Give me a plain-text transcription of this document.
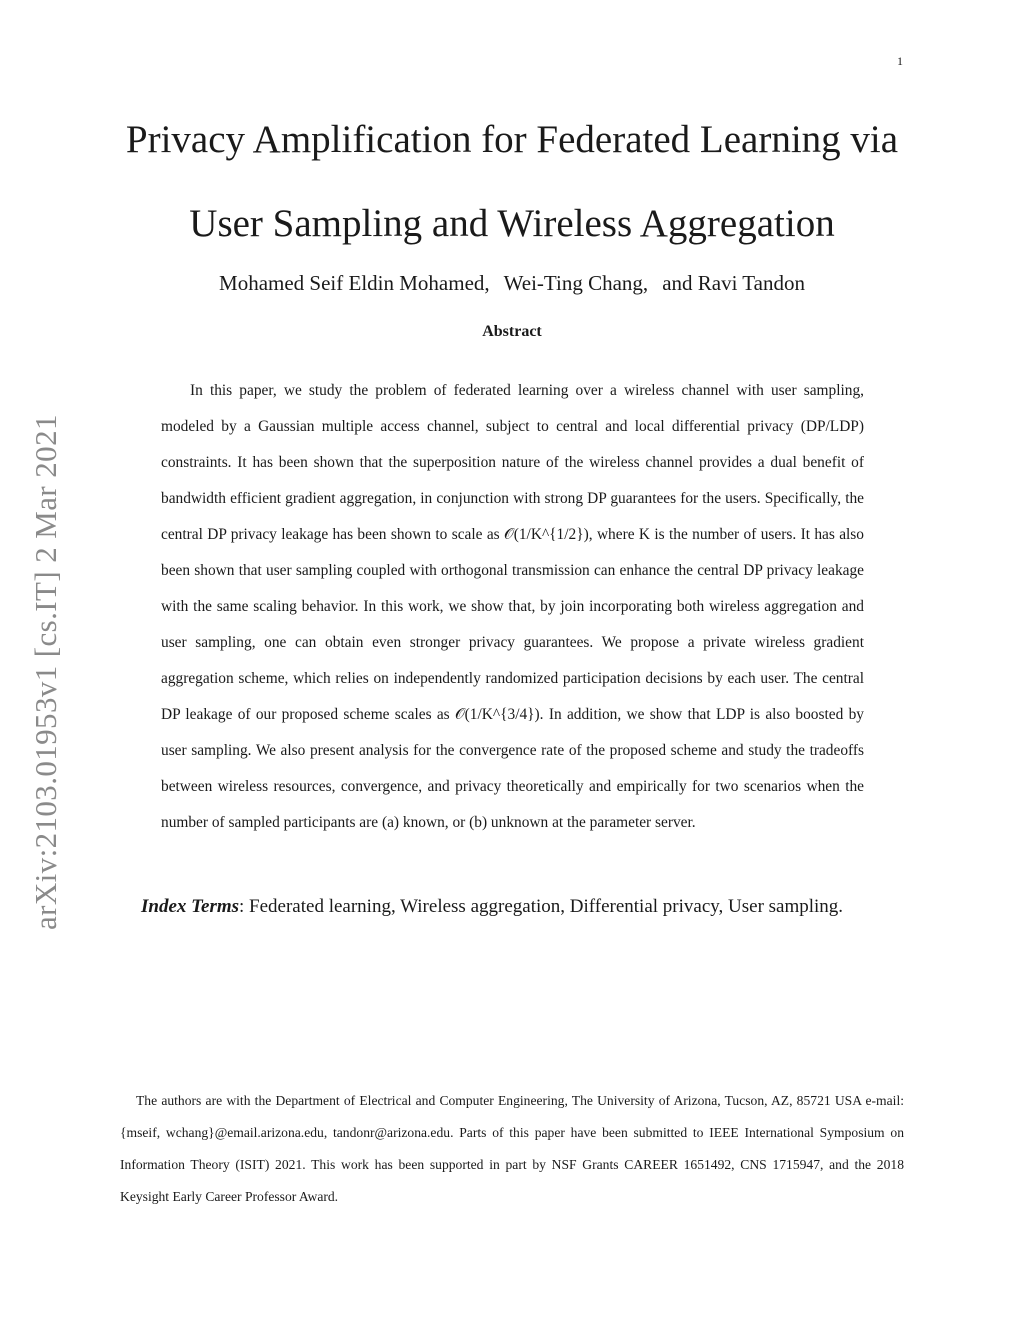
1
arXiv:2103.01953v1 [cs.IT] 2 Mar 2021
Privacy Amplification for Federated Learning via User Sampling and Wireless Aggregation
Mohamed Seif Eldin Mohamed, Wei-Ting Chang, and Ravi Tandon
Abstract

In this paper, we study the problem of federated learning over a wireless channel with user sampling, modeled by a Gaussian multiple access channel, subject to central and local differential privacy (DP/LDP) constraints. It has been shown that the superposition nature of the wireless channel provides a dual benefit of bandwidth efficient gradient aggregation, in conjunction with strong DP guarantees for the users. Specifically, the central DP privacy leakage has been shown to scale as 𝒪(1/K^{1/2}), where K is the number of users. It has also been shown that user sampling coupled with orthogonal transmission can enhance the central DP privacy leakage with the same scaling behavior. In this work, we show that, by join incorporating both wireless aggregation and user sampling, one can obtain even stronger privacy guarantees. We propose a private wireless gradient aggregation scheme, which relies on independently randomized participation decisions by each user. The central DP leakage of our proposed scheme scales as 𝒪(1/K^{3/4}). In addition, we show that LDP is also boosted by user sampling. We also present analysis for the convergence rate of the proposed scheme and study the tradeoffs between wireless resources, convergence, and privacy theoretically and empirically for two scenarios when the number of sampled participants are (a) known, or (b) unknown at the parameter server.

Index Terms: Federated learning, Wireless aggregation, Differential privacy, User sampling.

The authors are with the Department of Electrical and Computer Engineering, The University of Arizona, Tucson, AZ, 85721 USA e-mail: {mseif, wchang}@email.arizona.edu, tandonr@arizona.edu. Parts of this paper have been submitted to IEEE International Symposium on Information Theory (ISIT) 2021. This work has been supported in part by NSF Grants CAREER 1651492, CNS 1715947, and the 2018 Keysight Early Career Professor Award.
